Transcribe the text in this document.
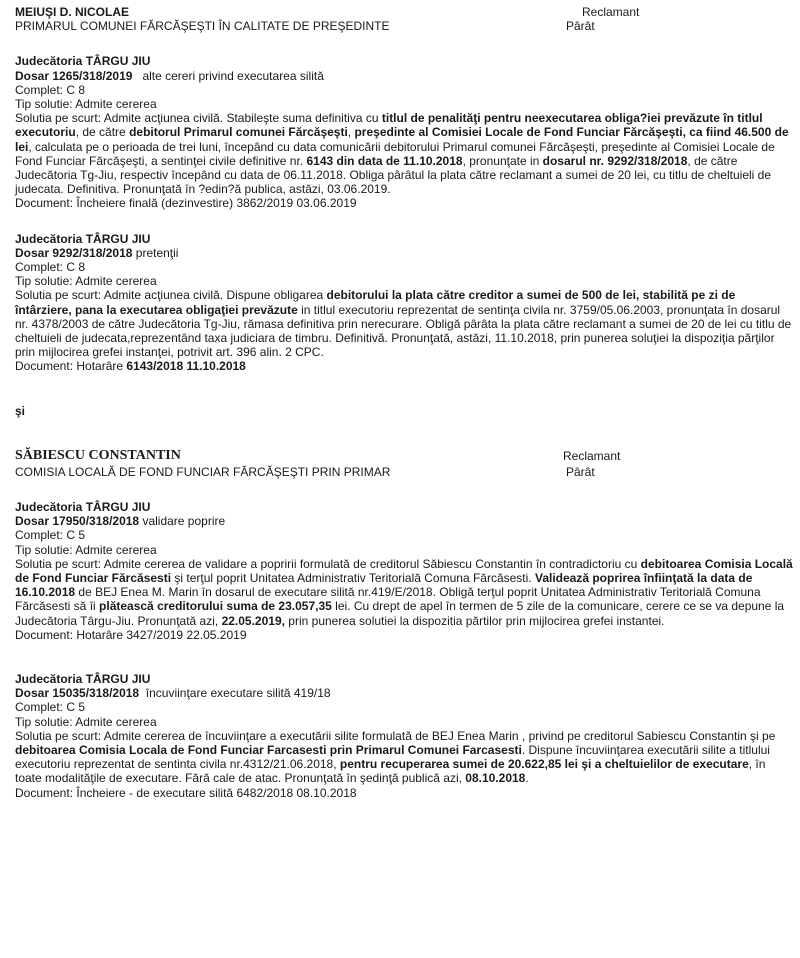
MEIUŞI D. NICOLAE	Reclamant
PRIMARUL COMUNEI FĂRCĂŞEŞTI ÎN CALITATE DE PREŞEDINTE	Pârât

Judecătoria TÂRGU JIU

Dosar 1265/318/2019 alte cereri privind executarea silită

Complet: C 8

Tip solutie: Admite cererea

Solutia pe scurt: Admite acţiunea civilă. Stabileşte suma definitiva cu titlul de penalităţi pentru neexecutarea obliga?iei prevăzute în titlul executoriu, de către debitorul Primarul comunei Fărcăşeşti, preşedinte al Comisiei Locale de Fond Funciar Fărcăşeşti, ca fiind 46.500 de lei, calculata pe o perioada de trei luni, începând cu data comunicării debitorului Primarul comunei Fărcăşeşti, preşedinte al Comisiei Locale de Fond Funciar Fărcăşeşti, a sentinţei civile definitive nr. 6143 din data de 11.10.2018, pronunţate in dosarul nr. 9292/318/2018, de către Judecătoria Tg-Jiu, respectiv începând cu data de 06.11.2018. Obliga pârâtul la plata către reclamant a sumei de 20 lei, cu titlu de cheltuieli de judecata. Definitiva. Pronunţată în ?edin?ă publica, astăzi, 03.06.2019.

Document: Încheiere finală (dezinvestire) 3862/2019 03.06.2019

Judecătoria TÂRGU JIU

Dosar 9292/318/2018 pretenţii

Complet: C 8

Tip solutie: Admite cererea

Solutia pe scurt: Admite acţiunea civilă. Dispune obligarea debitorului la plata către creditor a sumei de 500 de lei, stabilită pe zi de întârziere, pana la executarea obligaţiei prevăzute in titlul executoriu reprezentat de sentinţa civila nr. 3759/05.06.2003, pronunţata în dosarul nr. 4378/2003 de către Judecătoria Tg-Jiu, rămasa definitiva prin nerecurare. Obligă pârâta la plata către reclamant a sumei de 20 de lei cu titlu de cheltuieli de judecata,reprezentând taxa judiciara de timbru. Definitivă. Pronunţată, astăzi, 11.10.2018, prin punerea soluţiei la dispoziţia părţilor prin mijlocirea grefei instanţei, potrivit art. 396 alin. 2 CPC.

Document: Hotarâre 6143/2018 11.10.2018

şi

SĂBIESCU CONSTANTIN	Reclamant
COMISIA LOCALĂ DE FOND FUNCIAR FĂRCĂŞEŞTI PRIN PRIMAR	Pârât

Judecătoria TÂRGU JIU

Dosar 17950/318/2018 validare poprire

Complet: C 5

Tip solutie: Admite cererea

Solutia pe scurt: Admite cererea de validare a popririi formulată de creditorul Săbiescu Constantin în contradictoriu cu debitoarea Comisia Locală de Fond Funciar Fărcăsesti şi terţul poprit Unitatea Administrativ Teritorială Comuna Fărcăsesti. Validează poprirea înfiinţată la data de 16.10.2018 de BEJ Enea M. Marin în dosarul de executare silită nr.419/E/2018. Obligă terţul poprit Unitatea Administrativ Teritorială Comuna Fărcăsesti să îi plătească creditorului suma de 23.057,35 lei. Cu drept de apel în termen de 5 zile de la comunicare, cerere ce se va depune la Judecătoria Târgu-Jiu. Pronunţată azi, 22.05.2019, prin punerea solutiei la dispozitia părtilor prin mijlocirea grefei instantei.

Document: Hotarâre 3427/2019 22.05.2019

Judecătoria TÂRGU JIU

Dosar 15035/318/2018 încuviinţare executare silită 419/18

Complet: C 5

Tip solutie: Admite cererea

Solutia pe scurt: Admite cererea de încuviinţare a executării silite formulată de BEJ Enea Marin , privind pe creditorul Sabiescu Constantin şi pe debitoarea Comisia Locala de Fond Funciar Farcasesti prin Primarul Comunei Farcasesti. Dispune încuviinţarea executării silite a titlului executoriu reprezentat de sentinta civila nr.4312/21.06.2018, pentru recuperarea sumei de 20.622,85 lei şi a cheltuielilor de executare, în toate modalităţile de executare. Fără cale de atac. Pronunţată în şedinţă publică azi, 08.10.2018.

Document: Încheiere - de executare silită 6482/2018 08.10.2018
